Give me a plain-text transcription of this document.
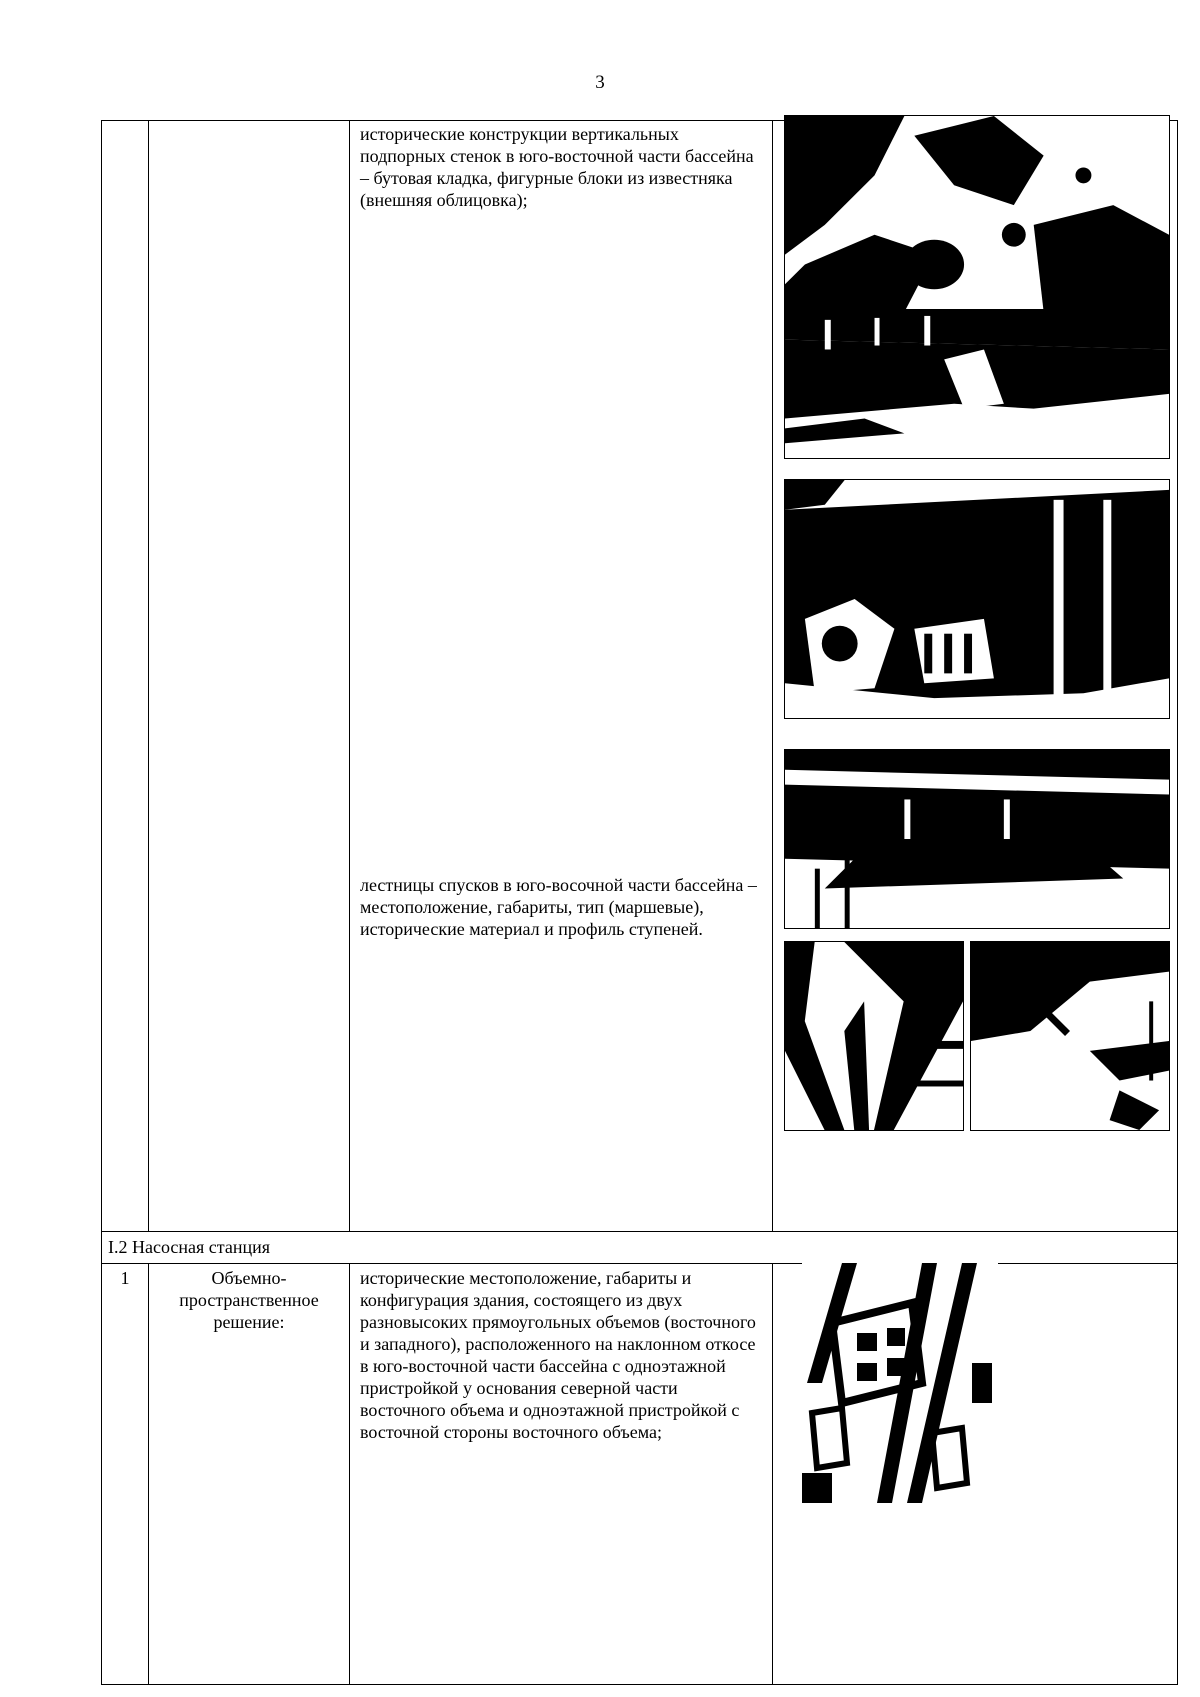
3
исторические конструкции вертикальных подпорных стенок в юго-восточной части бассейна – бутовая кладка, фигурные блоки из известняка (внешняя облицовка);
лестницы спусков в юго-восочной части бассейна – местоположение, габариты, тип (маршевые), исторические материал и профиль ступеней.
I.2 Насосная станция
1	Объемно-пространственное решение:
исторические местоположение, габариты и конфигурация здания, состоящего из двух разновысоких прямоугольных объемов (восточного и западного), расположенного на наклонном откосе в юго-восточной части бассейна с одноэтажной пристройкой у основания северной части восточного объема и одноэтажной пристройкой с восточной стороны восточного объема;
